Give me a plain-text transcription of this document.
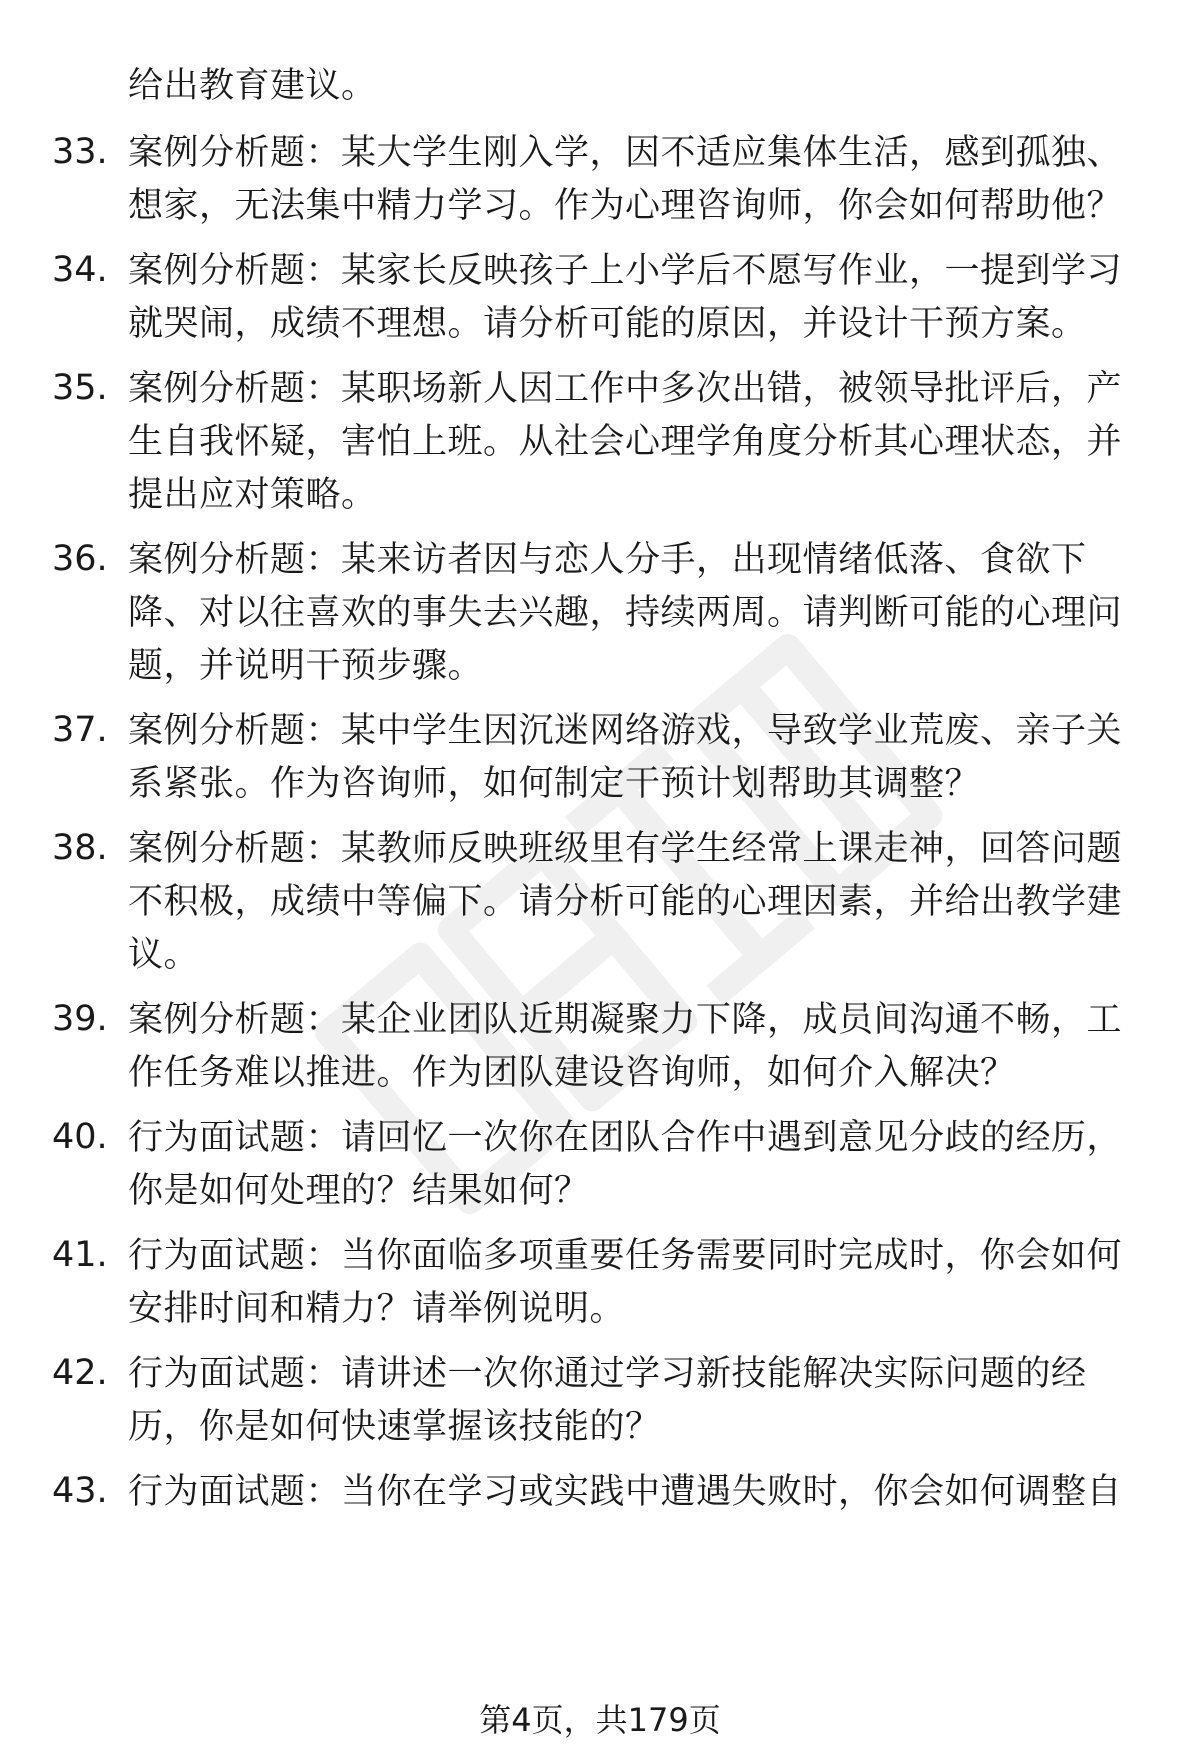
给出教育建议。
33. 案例分析题：某大学生刚入学，因不适应集体生活，感到孤独、想家，无法集中精力学习。作为心理咨询师，你会如何帮助他？
34. 案例分析题：某家长反映孩子上小学后不愿写作业，一提到学习就哭闹，成绩不理想。请分析可能的原因，并设计干预方案。
35. 案例分析题：某职场新人因工作中多次出错，被领导批评后，产生自我怀疑，害怕上班。从社会心理学角度分析其心理状态，并提出应对策略。
36. 案例分析题：某来访者因与恋人分手，出现情绪低落、食欲下降、对以往喜欢的事失去兴趣，持续两周。请判断可能的心理问题，并说明干预步骤。
37. 案例分析题：某中学生因沉迷网络游戏，导致学业荒废、亲子关系紧张。作为咨询师，如何制定干预计划帮助其调整？
38. 案例分析题：某教师反映班级里有学生经常上课走神，回答问题不积极，成绩中等偏下。请分析可能的心理因素，并给出教学建议。
39. 案例分析题：某企业团队近期凝聚力下降，成员间沟通不畅，工作任务难以推进。作为团队建设咨询师，如何介入解决？
40. 行为面试题：请回忆一次你在团队合作中遇到意见分歧的经历，你是如何处理的？结果如何？
41. 行为面试题：当你面临多项重要任务需要同时完成时，你会如何安排时间和精力？请举例说明。
42. 行为面试题：请讲述一次你通过学习新技能解决实际问题的经历，你是如何快速掌握该技能的？
43. 行为面试题：当你在学习或实践中遭遇失败时，你会如何调整自
第4页，共179页
